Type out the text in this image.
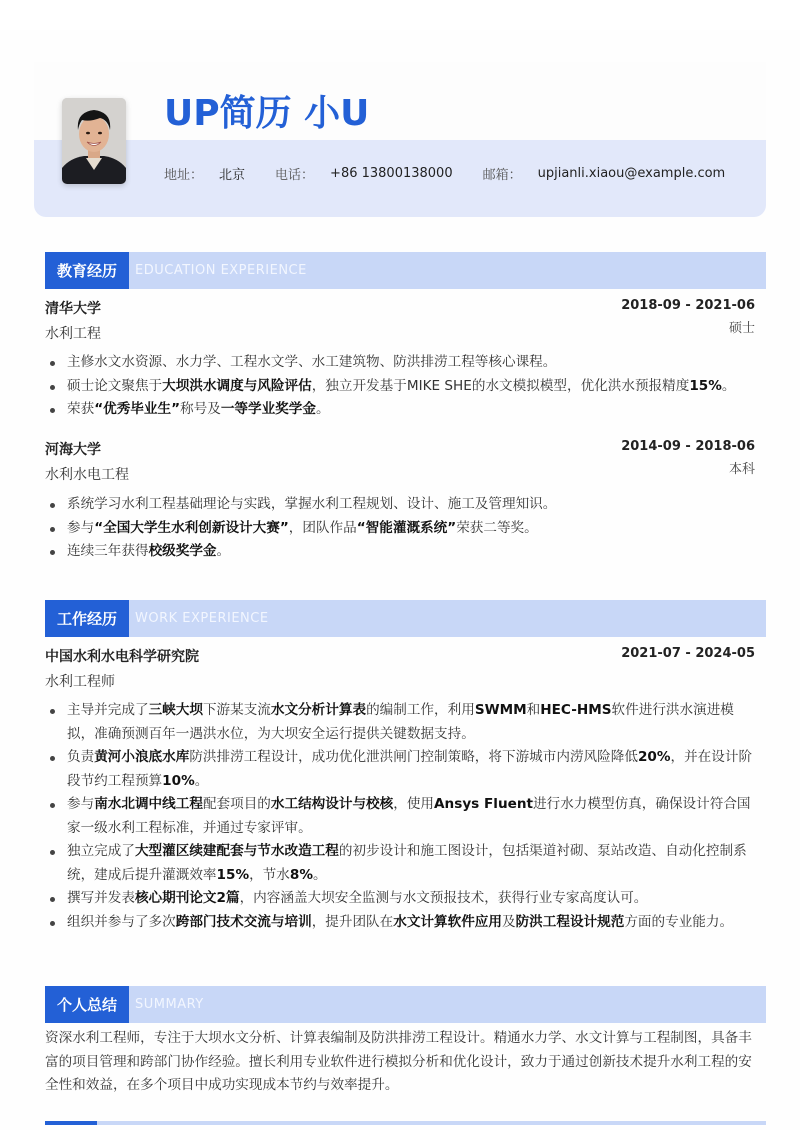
UP简历 小U
地址： 北京 电话： +86 13800138000 邮箱： upjianli.xiaou@example.com
教育经历	EDUCATION EXPERIENCE
清华大学	2018-09 - 2021-06
水利工程	硕士
主修水文水资源、水力学、工程水文学、水工建筑物、防洪排涝工程等核心课程。
硕士论文聚焦于大坝洪水调度与风险评估，独立开发基于MIKE SHE的水文模拟模型，优化洪水预报精度15%。
荣获“优秀毕业生”称号及一等学业奖学金。
河海大学	2014-09 - 2018-06
水利水电工程	本科
系统学习水利工程基础理论与实践，掌握水利工程规划、设计、施工及管理知识。
参与“全国大学生水利创新设计大赛”，团队作品“智能灌溉系统”荣获二等奖。
连续三年获得校级奖学金。
工作经历	WORK EXPERIENCE
中国水利水电科学研究院	2021-07 - 2024-05
水利工程师
主导并完成了三峡大坝下游某支流水文分析计算表的编制工作，利用SWMM和HEC-HMS软件进行洪水演进模拟，准确预测百年一遇洪水位，为大坝安全运行提供关键数据支持。
负责黄河小浪底水库防洪排涝工程设计，成功优化泄洪闸门控制策略，将下游城市内涝风险降低20%，并在设计阶段节约工程预算10%。
参与南水北调中线工程配套项目的水工结构设计与校核，使用Ansys Fluent进行水力模型仿真，确保设计符合国家一级水利工程标准，并通过专家评审。
独立完成了大型灌区续建配套与节水改造工程的初步设计和施工图设计，包括渠道衬砌、泵站改造、自动化控制系统，建成后提升灌溉效率15%，节水8%。
撰写并发表核心期刊论文2篇，内容涵盖大坝安全监测与水文预报技术，获得行业专家高度认可。
组织并参与了多次跨部门技术交流与培训，提升团队在水文计算软件应用及防洪工程设计规范方面的专业能力。
个人总结	SUMMARY
资深水利工程师，专注于大坝水文分析、计算表编制及防洪排涝工程设计。精通水力学、水文计算与工程制图，具备丰富的项目管理和跨部门协作经验。擅长利用专业软件进行模拟分析和优化设计，致力于通过创新技术提升水利工程的安全性和效益，在多个项目中成功实现成本节约与效率提升。
